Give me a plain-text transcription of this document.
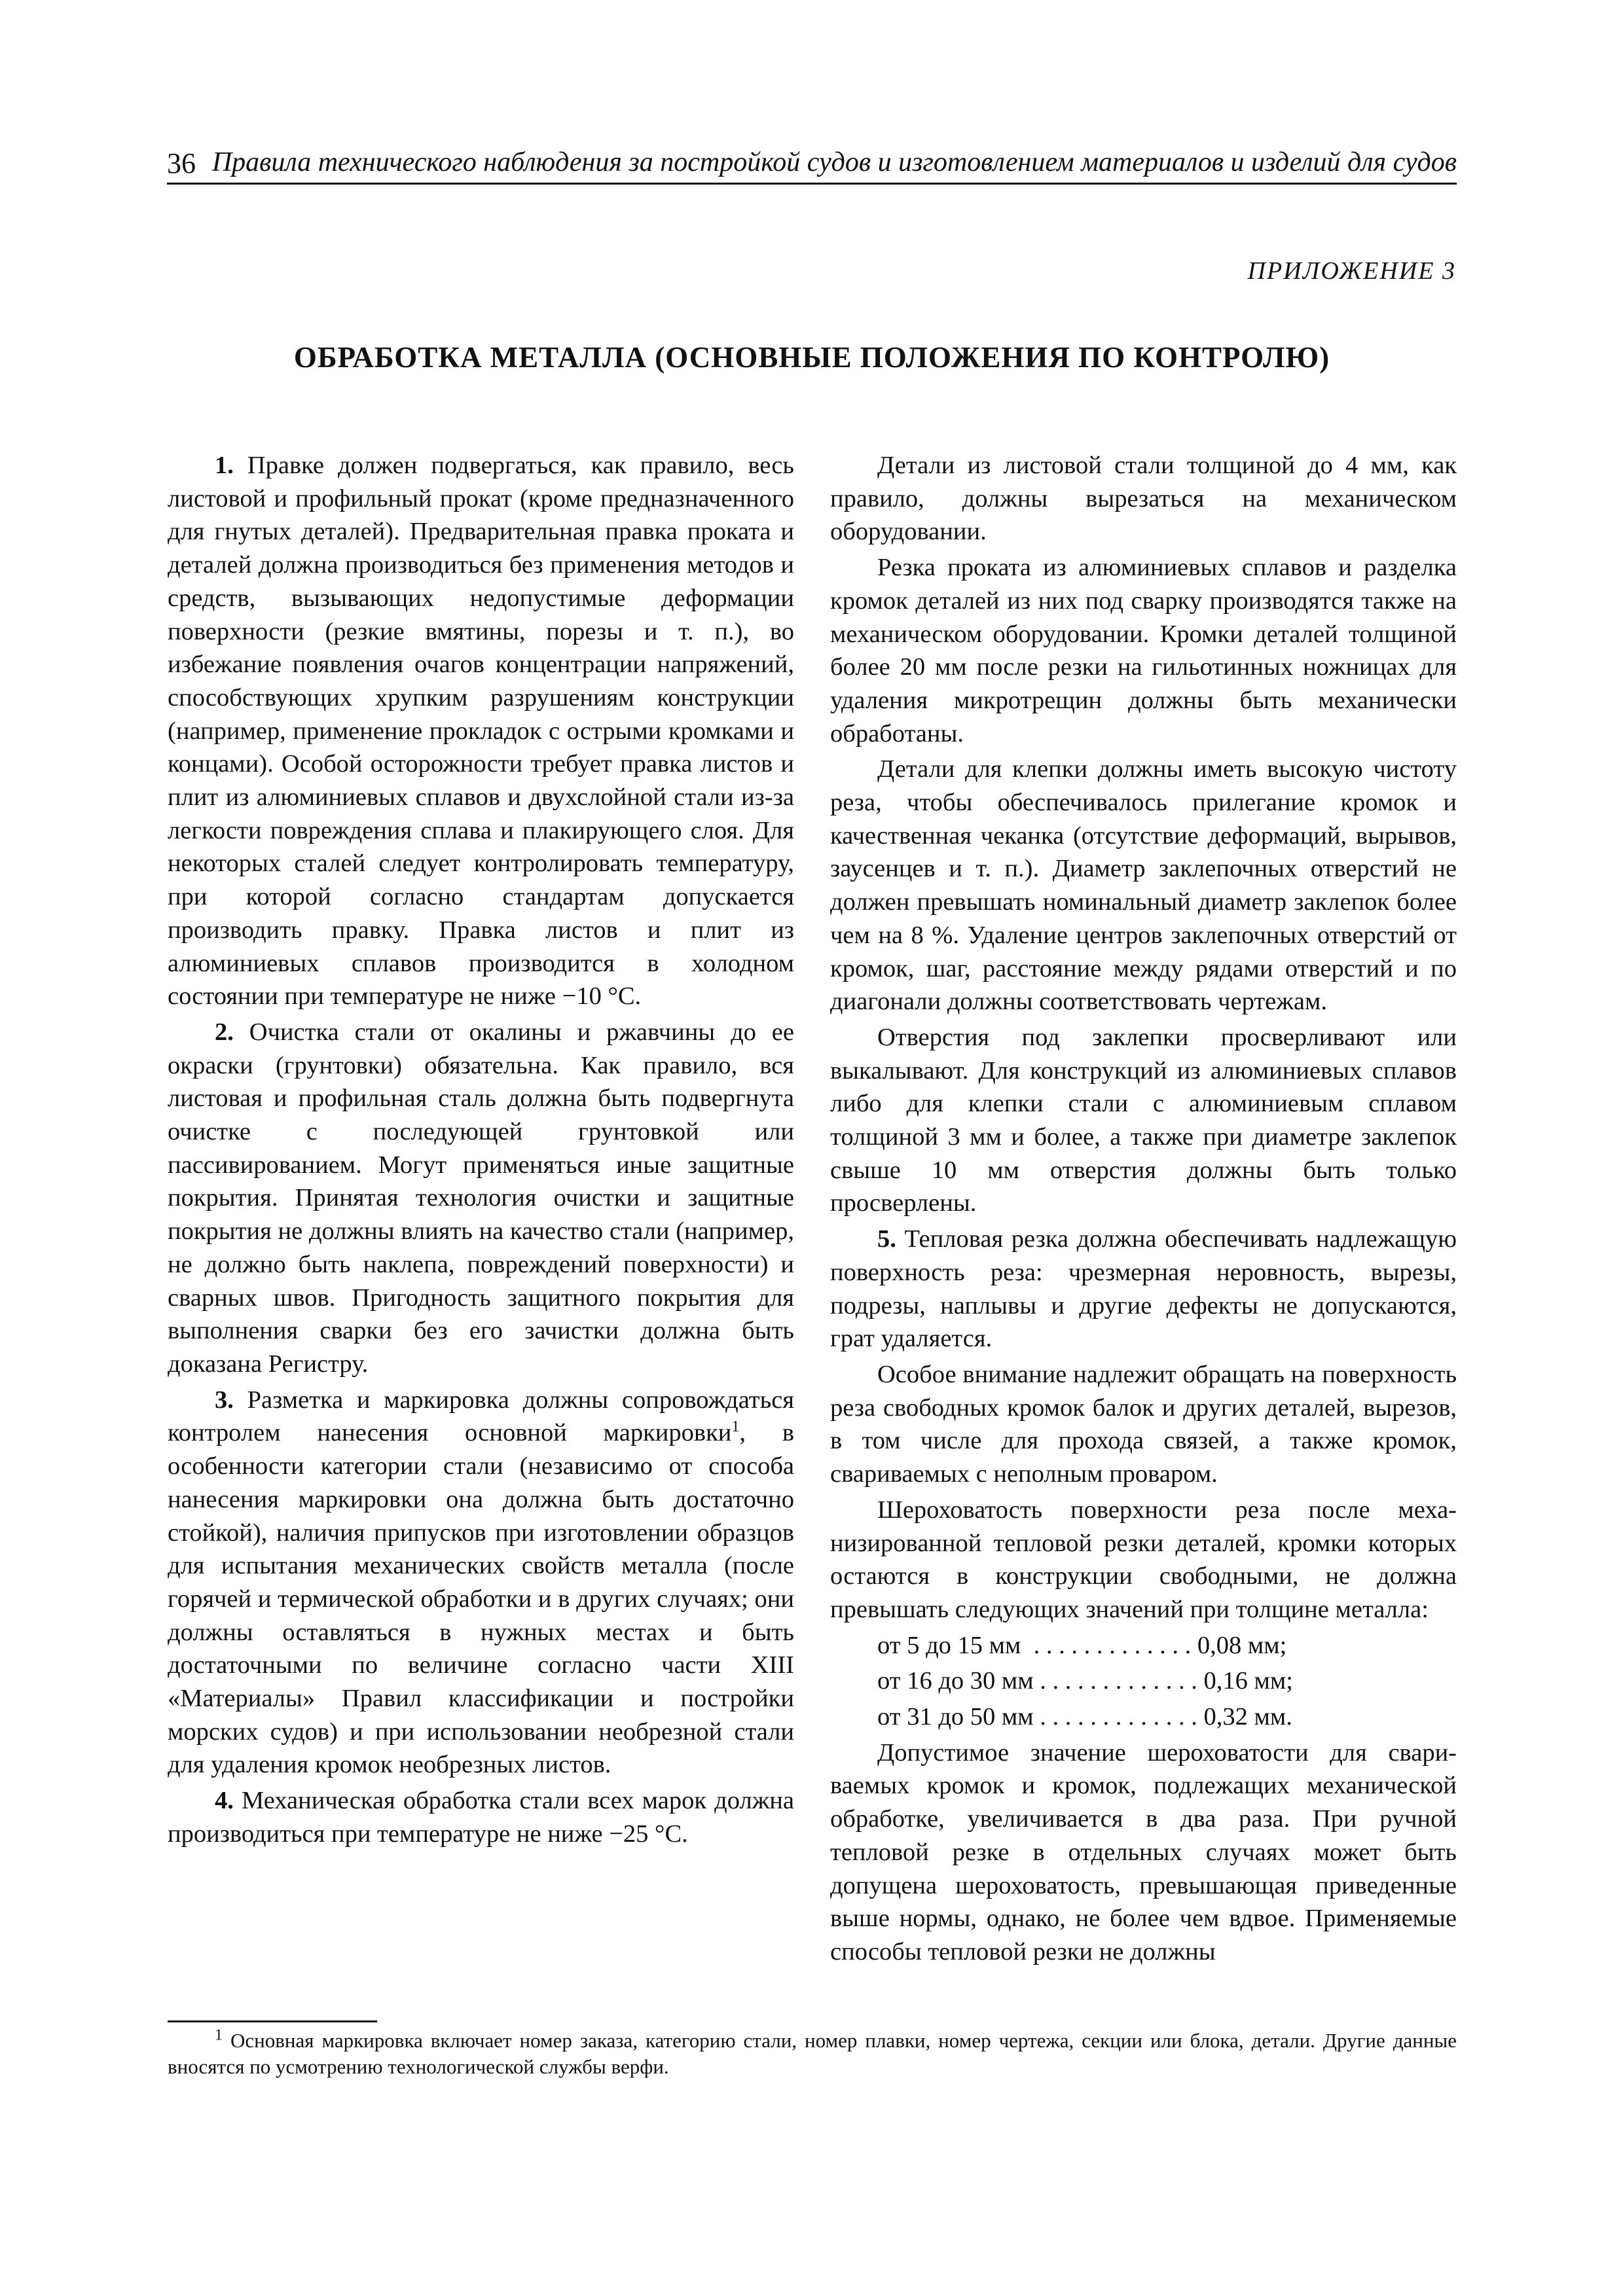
36 Правила технического наблюдения за постройкой судов и изготовлением материалов и изделий для судов
ПРИЛОЖЕНИЕ 3
ОБРАБОТКА МЕТАЛЛА (ОСНОВНЫЕ ПОЛОЖЕНИЯ ПО КОНТРОЛЮ)

1. Правке должен подвергаться, как правило, весь листовой и профильный прокат (кроме предназначенного для гнутых деталей). Предварительная правка проката и деталей должна производиться без применения методов и средств, вызывающих недопустимые деформации поверхности (резкие вмятины, порезы и т. п.), во избежание появления очагов концентрации напряжений, способствующих хрупким разрушениям конструкции (например, применение прокладок с острыми кромками и концами). Особой осторожности требует правка листов и плит из алюминиевых сплавов и двухслойной стали из-за легкости повреждения сплава и плакирующего слоя. Для некоторых сталей следует контролировать температуру, при которой согласно стандартам допускается производить правку. Правка листов и плит из алюминиевых сплавов производится в холодном состоянии при температуре не ниже −10 °С.

2. Очистка стали от окалины и ржавчины до ее окраски (грунтовки) обязательна. Как правило, вся листовая и профильная сталь должна быть подвергнута очистке с последующей грунтовкой или пассивированием. Могут применяться иные защитные покрытия. Принятая технология очистки и защитные покрытия не должны влиять на качество стали (например, не должно быть наклепа, повреждений поверхности) и сварных швов. Пригодность защитного покрытия для выполнения сварки без его зачистки должна быть доказана Регистру.

3. Разметка и маркировка должны сопровождаться контролем нанесения основной маркировки$^1$, в особенности категории стали (независимо от способа нанесения маркировки она должна быть достаточно стойкой), наличия припусков при изготовлении образцов для испытания механических свойств металла (после горячей и термической обработки и в других случаях; они должны оставляться в нужных местах и быть достаточными по величине согласно части XIII «Материалы» Правил классификации и постройки морских судов) и при использовании необрезной стали для удаления кромок необрезных листов.

4. Механическая обработка стали всех марок должна производиться при температуре не ниже −25 °С.

Детали из листовой стали толщиной до 4 мм, как правило, должны вырезаться на механическом оборудовании.

Резка проката из алюминиевых сплавов и разделка кромок деталей из них под сварку производятся также на механическом оборудовании. Кромки деталей толщиной более 20 мм после резки на гильотинных ножницах для удаления микротрещин должны быть механически обработаны.

Детали для клепки должны иметь высокую чистоту реза, чтобы обеспечивалось прилегание кромок и качественная чеканка (отсутствие деформаций, вырывов, заусенцев и т. п.). Диаметр заклепочных отверстий не должен превышать номинальный диаметр заклепок более чем на 8 %. Удаление центров заклепочных отверстий от кромок, шаг, расстояние между рядами отверстий и по диагонали должны соответствовать чертежам.

Отверстия под заклепки просверливают или выкалывают. Для конструкций из алюминиевых сплавов либо для клепки стали с алюминиевым сплавом толщиной 3 мм и более, а также при диаметре заклепок свыше 10 мм отверстия должны быть только просверлены.

5. Тепловая резка должна обеспечивать надлежащую поверхность реза: чрезмерная неровность, вырезы, подрезы, наплывы и другие дефекты не допускаются, грат удаляется.

Особое внимание надлежит обращать на поверхность реза свободных кромок балок и других деталей, вырезов, в том числе для прохода связей, а также кромок, свариваемых с неполным проваром.

Шероховатость поверхности реза после механизированной тепловой резки деталей, кромки которых остаются в конструкции свободными, не должна превышать следующих значений при толщине металла:

от 5 до 15 мм  . . . . . . . . . . . . . 0,08 мм;

от 16 до 30 мм . . . . . . . . . . . . . 0,16 мм;

от 31 до 50 мм . . . . . . . . . . . . . 0,32 мм.

Допустимое значение шероховатости для свариваемых кромок и кромок, подлежащих механической обработке, увеличивается в два раза. При ручной тепловой резке в отдельных случаях может быть допущена шероховатость, превышающая приведенные выше нормы, однако, не более чем вдвое. Применяемые способы тепловой резки не должны

$^1$ Основная маркировка включает номер заказа, категорию стали, номер плавки, номер чертежа, секции или блока, детали. Другие данные вносятся по усмотрению технологической службы верфи.
